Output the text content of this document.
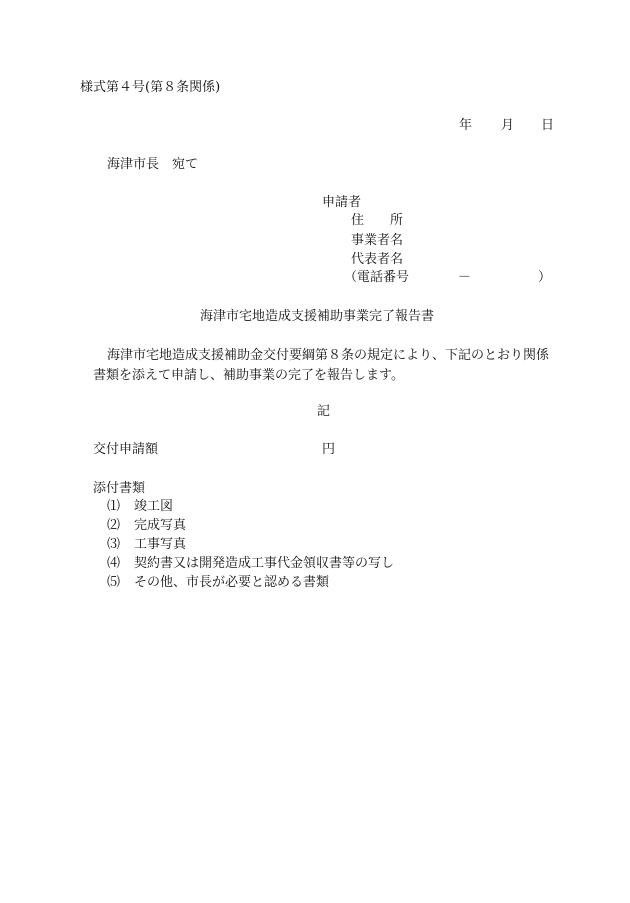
様式第４号(第８条関係)
年 月 日
海津市長　宛て
申請者
住　　所
事業者名
代表者名
（電話番号	－	）
海津市宅地造成支援補助事業完了報告書
海津市宅地造成支援補助金交付要綱第８条の規定により、下記のとおり関係
書類を添えて申請し、補助事業の完了を報告します。
記
交付申請額	円
添付書類
⑴ 竣工図
⑵ 完成写真
⑶ 工事写真
⑷ 契約書又は開発造成工事代金領収書等の写し
⑸ その他、市長が必要と認める書類
